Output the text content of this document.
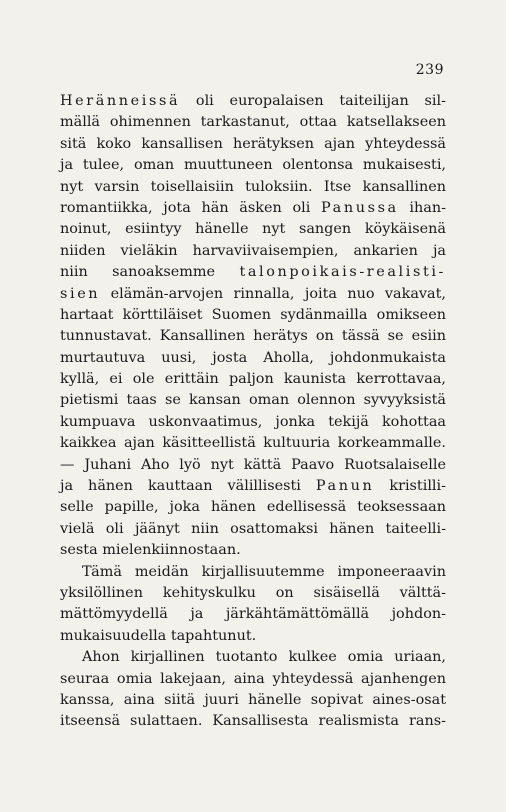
239
Heränneissä oli europalaisen taiteilijan sil-
mällä ohimennen tarkastanut, ottaa katsellakseen
sitä koko kansallisen herätyksen ajan yhteydessä
ja tulee, oman muuttuneen olentonsa mukaisesti,
nyt varsin toisellaisiin tuloksiin. Itse kansallinen
romantiikka, jota hän äsken oli Panussa ihan-
noinut, esiintyy hänelle nyt sangen köykäisenä
niiden vieläkin harvaviivaisempien, ankarien ja
niin sanoaksemme talonpoikais-realisti-
sien elämän-arvojen rinnalla, joita nuo vakavat,
hartaat körttiläiset Suomen sydänmailla omikseen
tunnustavat. Kansallinen herätys on tässä se esiin
murtautuva uusi, josta Aholla, johdonmukaista
kyllä, ei ole erittäin paljon kaunista kerrottavaa,
pietismi taas se kansan oman olennon syvyyksistä
kumpuava uskonvaatimus, jonka tekijä kohottaa
kaikkea ajan käsitteellistä kultuuria korkeammalle.
— Juhani Aho lyö nyt kättä Paavo Ruotsalaiselle
ja hänen kauttaan välillisesti Panun kristilli-
selle papille, joka hänen edellisessä teoksessaan
vielä oli jäänyt niin osattomaksi hänen taiteelli-
sesta mielenkiinnostaan.
Tämä meidän kirjallisuutemme imponeeraavin
yksilöllinen kehityskulku on sisäisellä välttä-
mättömyydellä ja järkähtämättömällä johdon-
mukaisuudella tapahtunut.
Ahon kirjallinen tuotanto kulkee omia uriaan,
seuraa omia lakejaan, aina yhteydessä ajanhengen
kanssa, aina siitä juuri hänelle sopivat aines-osat
itseensä sulattaen. Kansallisesta realismista rans-
